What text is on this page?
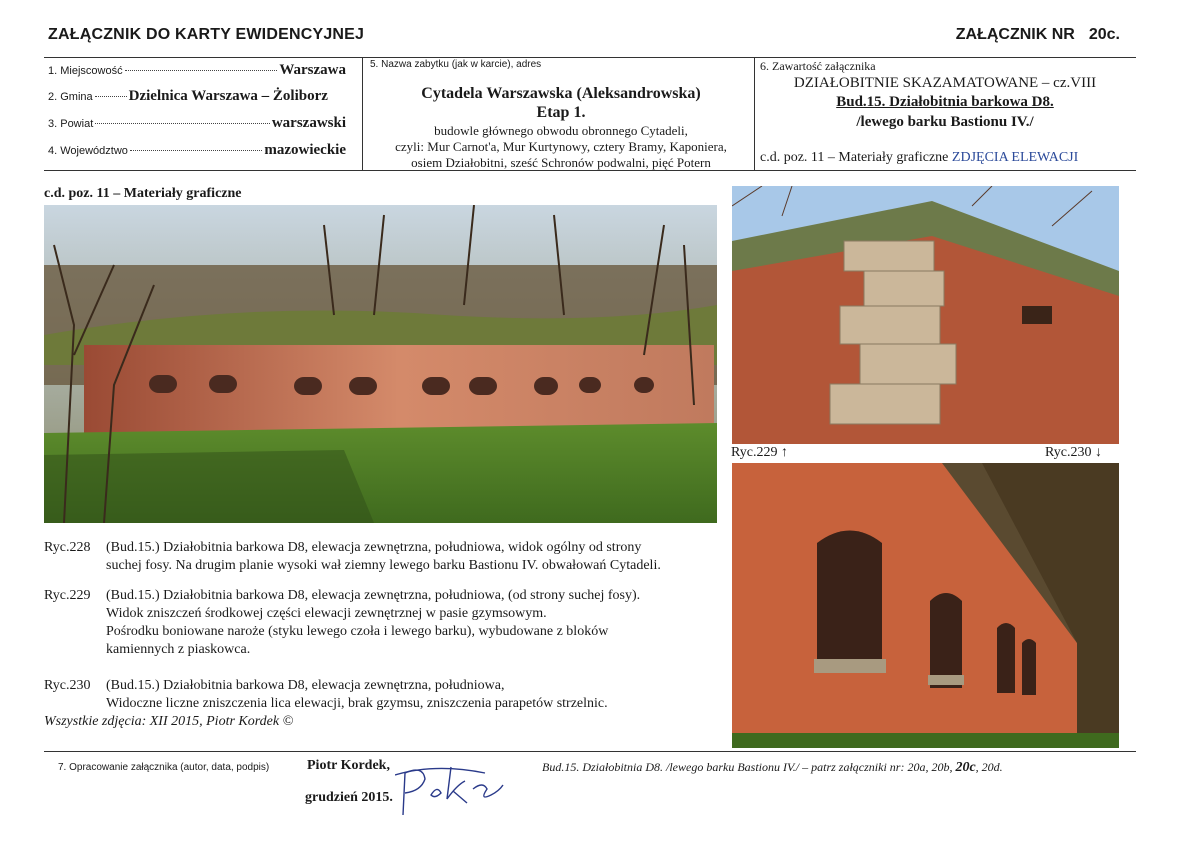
ZAŁĄCZNIK DO KARTY EWIDENCYJNEJ	ZAŁĄCZNIK NR 20c.
1. Miejscowość	Warszawa
2. Gmina Dzielnica Warszawa – Żoliborz
3. Powiat	warszawski
4. Województwo	mazowieckie
5. Nazwa zabytku (jak w karcie), adres
Cytadela Warszawska (Aleksandrowska)
Etap 1.
budowle głównego obwodu obronnego Cytadeli,
czyli: Mur Carnot'a, Mur Kurtynowy, cztery Bramy, Kaponiera,
osiem Działobitni, sześć Schronów podwalni, pięć Potern
6. Zawartość załącznika
DZIAŁOBITNIE SKAZAMATOWANE – cz.VIII
Bud.15. Działobitnia barkowa D8.
/lewego barku Bastionu IV./
c.d. poz. 11 – Materiały graficzne ZDJĘCIA ELEWACJI
c.d. poz. 11 – Materiały graficzne
Ryc.229 ↑	Ryc.230 ↓
Ryc.228 (Bud.15.) Działobitnia barkowa D8, elewacja zewnętrzna, południowa, widok ogólny od strony
suchej fosy. Na drugim planie wysoki wał ziemny lewego barku Bastionu IV. obwałowań Cytadeli.
Ryc.229 (Bud.15.) Działobitnia barkowa D8, elewacja zewnętrzna, południowa, (od strony suchej fosy).
Widok zniszczeń środkowej części elewacji zewnętrznej w pasie gzymsowym.
Pośrodku boniowane naroże (styku lewego czoła i lewego barku), wybudowane z bloków
kamiennych z piaskowca.
Ryc.230 (Bud.15.) Działobitnia barkowa D8, elewacja zewnętrzna, południowa,
Widoczne liczne zniszczenia lica elewacji, brak gzymsu, zniszczenia parapetów strzelnic.
Wszystkie zdjęcia: XII 2015, Piotr Kordek ©
7. Opracowanie załącznika (autor, data, podpis)	Piotr Kordek,
grudzień 2015.
Bud.15. Działobitnia D8. /lewego barku Bastionu IV./ – patrz załączniki nr: 20a, 20b, 20c, 20d.
